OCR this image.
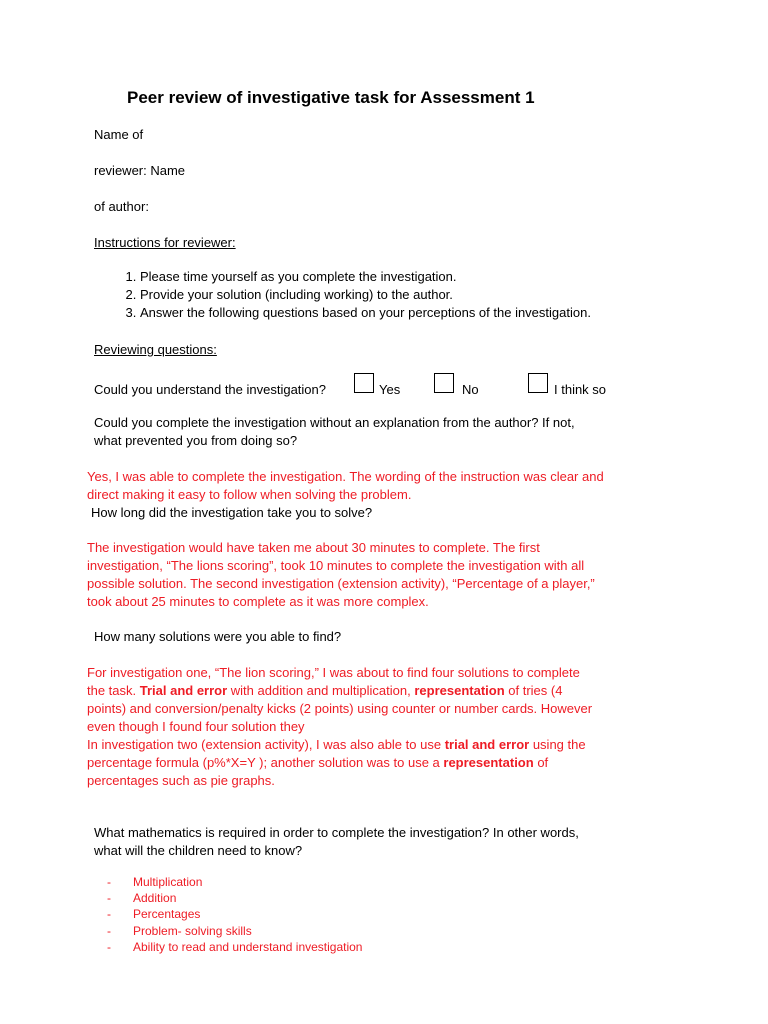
Peer review of investigative task for Assessment 1
Name of
reviewer: Name
of author:
Instructions for reviewer:
1. Please time yourself as you complete the investigation.
2. Provide your solution (including working) to the author.
3. Answer the following questions based on your perceptions of the investigation.
Reviewing questions:
Could you understand the investigation?	Yes	No	I think so
Could you complete the investigation without an explanation from the author? If not,
what prevented you from doing so?
Yes, I was able to complete the investigation. The wording of the instruction was clear and
direct making it easy to follow when solving the problem.
How long did the investigation take you to solve?
The investigation would have taken me about 30 minutes to complete. The first
investigation, “The lions scoring”, took 10 minutes to complete the investigation with all
possible solution. The second investigation (extension activity), “Percentage of a player,”
took about 25 minutes to complete as it was more complex.
How many solutions were you able to find?
For investigation one, “The lion scoring,” I was about to find four solutions to complete
the task. Trial and error with addition and multiplication, representation of tries (4
points) and conversion/penalty kicks (2 points) using counter or number cards. However
even though I found four solution they
In investigation two (extension activity), I was also able to use trial and error using the
percentage formula (p%*X=Y ); another solution was to use a representation of
percentages such as pie graphs.
What mathematics is required in order to complete the investigation? In other words,
what will the children need to know?
- Multiplication
- Addition
- Percentages
- Problem- solving skills
- Ability to read and understand investigation
